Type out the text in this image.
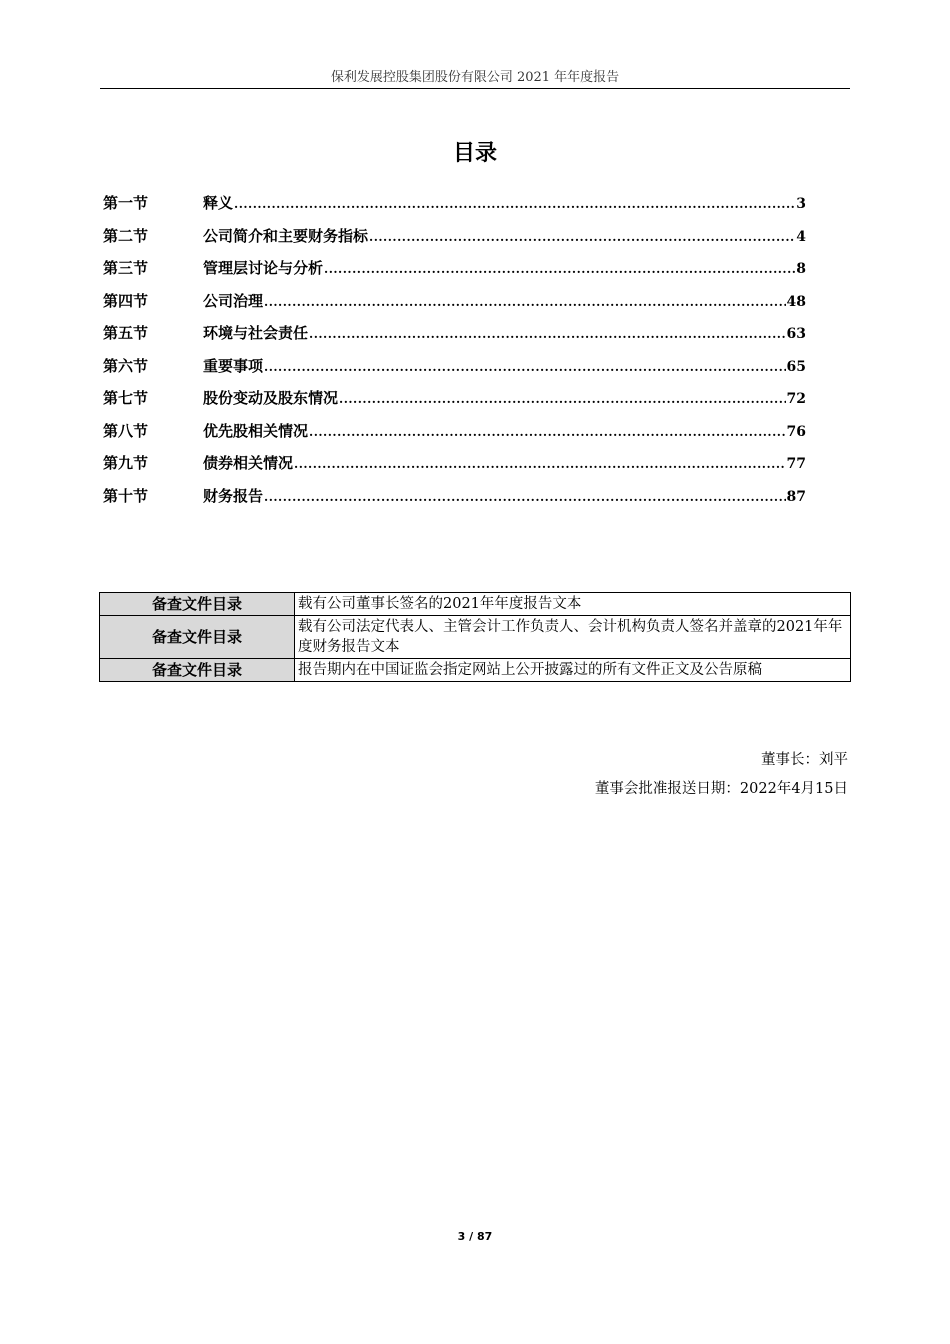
保利发展控股集团股份有限公司 2021 年年度报告
目录
第一节	释义 .....	3
第二节	公司简介和主要财务指标 .....	4
第三节	管理层讨论与分析 .....	8
第四节	公司治理 .....	48
第五节	环境与社会责任 .....	63
第六节	重要事项 .....	65
第七节	股份变动及股东情况 .....	72
第八节	优先股相关情况 .....	76
第九节	债券相关情况 .....	77
第十节	财务报告 .....	87
备查文件目录	载有公司董事长签名的2021年年度报告文本
备查文件目录	载有公司法定代表人、主管会计工作负责人、会计机构负责人签名并盖章的2021年年度财务报告文本
备查文件目录	报告期内在中国证监会指定网站上公开披露过的所有文件正文及公告原稿
董事长：刘平
董事会批准报送日期：2022年4月15日
3 / 87
